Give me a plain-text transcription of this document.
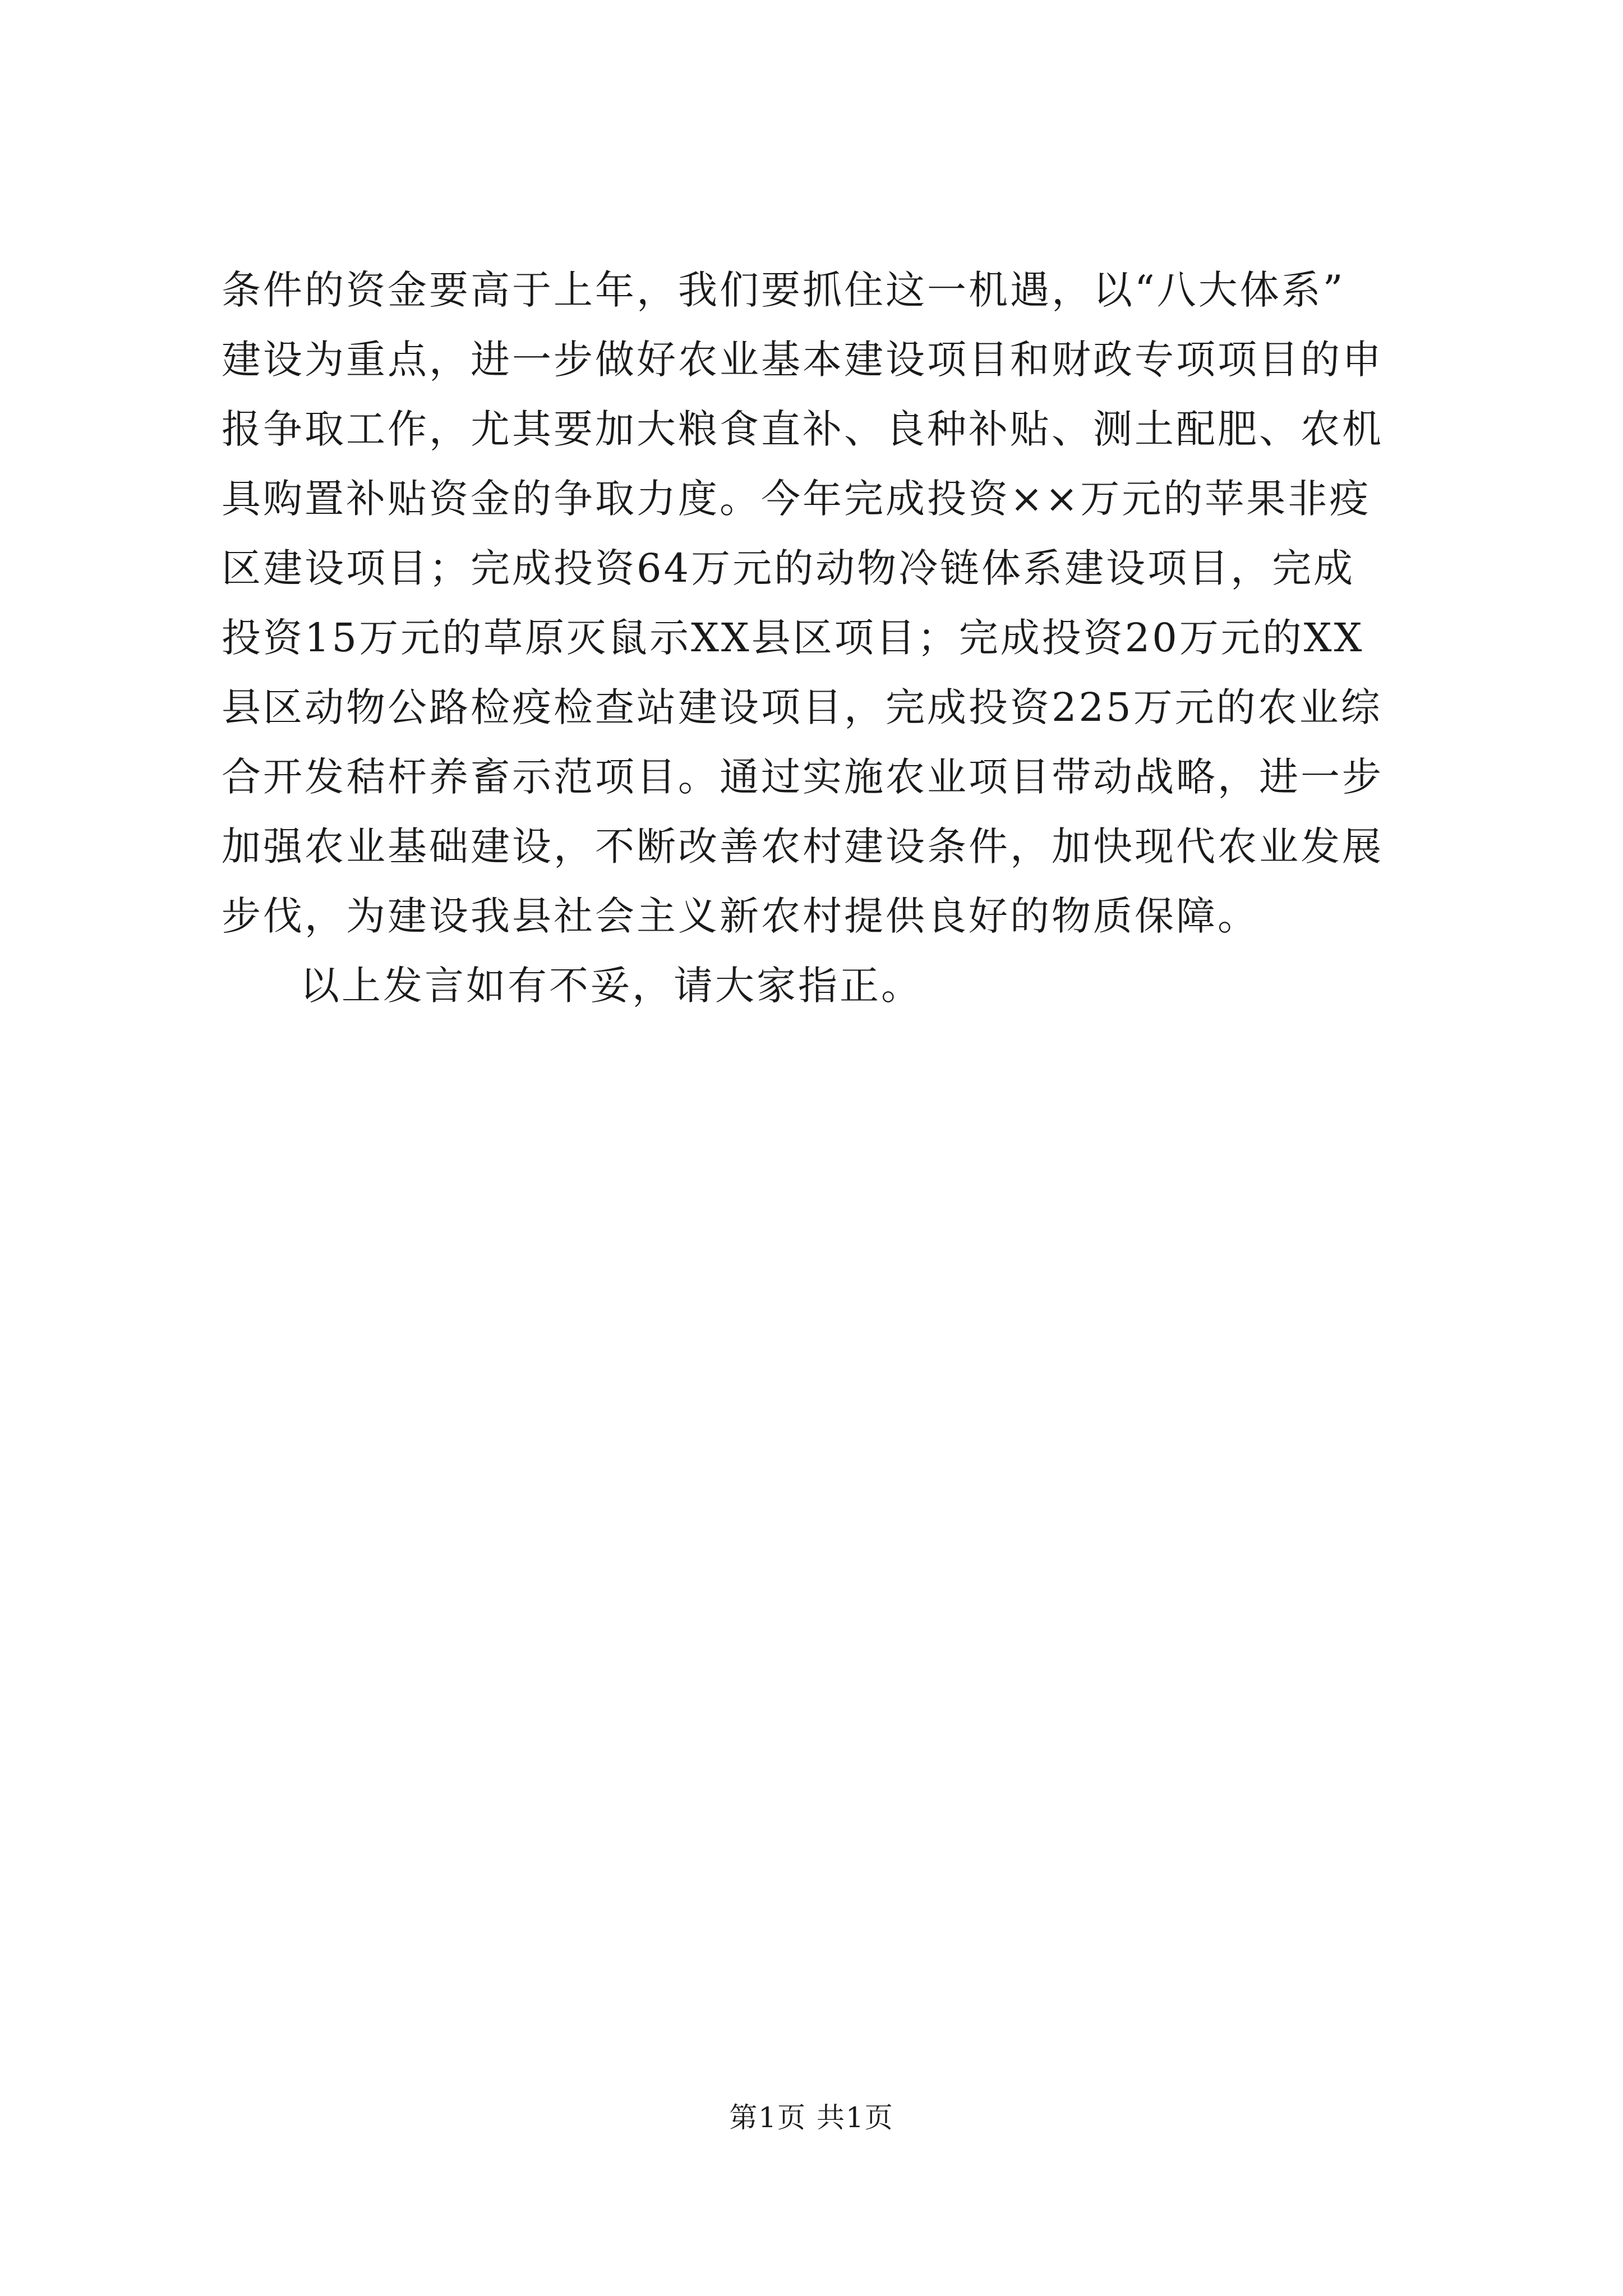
条件的资金要高于上年，我们要抓住这一机遇，以“八大体系”
建设为重点，进一步做好农业基本建设项目和财政专项项目的申
报争取工作，尤其要加大粮食直补、良种补贴、测土配肥、农机
具购置补贴资金的争取力度。今年完成投资××万元的苹果非疫
区建设项目；完成投资64万元的动物冷链体系建设项目，完成
投资15万元的草原灭鼠示XX县区项目；完成投资20万元的XX
县区动物公路检疫检查站建设项目，完成投资225万元的农业综
合开发秸杆养畜示范项目。通过实施农业项目带动战略，进一步
加强农业基础建设，不断改善农村建设条件，加快现代农业发展
步伐，为建设我县社会主义新农村提供良好的物质保障。
以上发言如有不妥，请大家指正。
第1页 共1页
